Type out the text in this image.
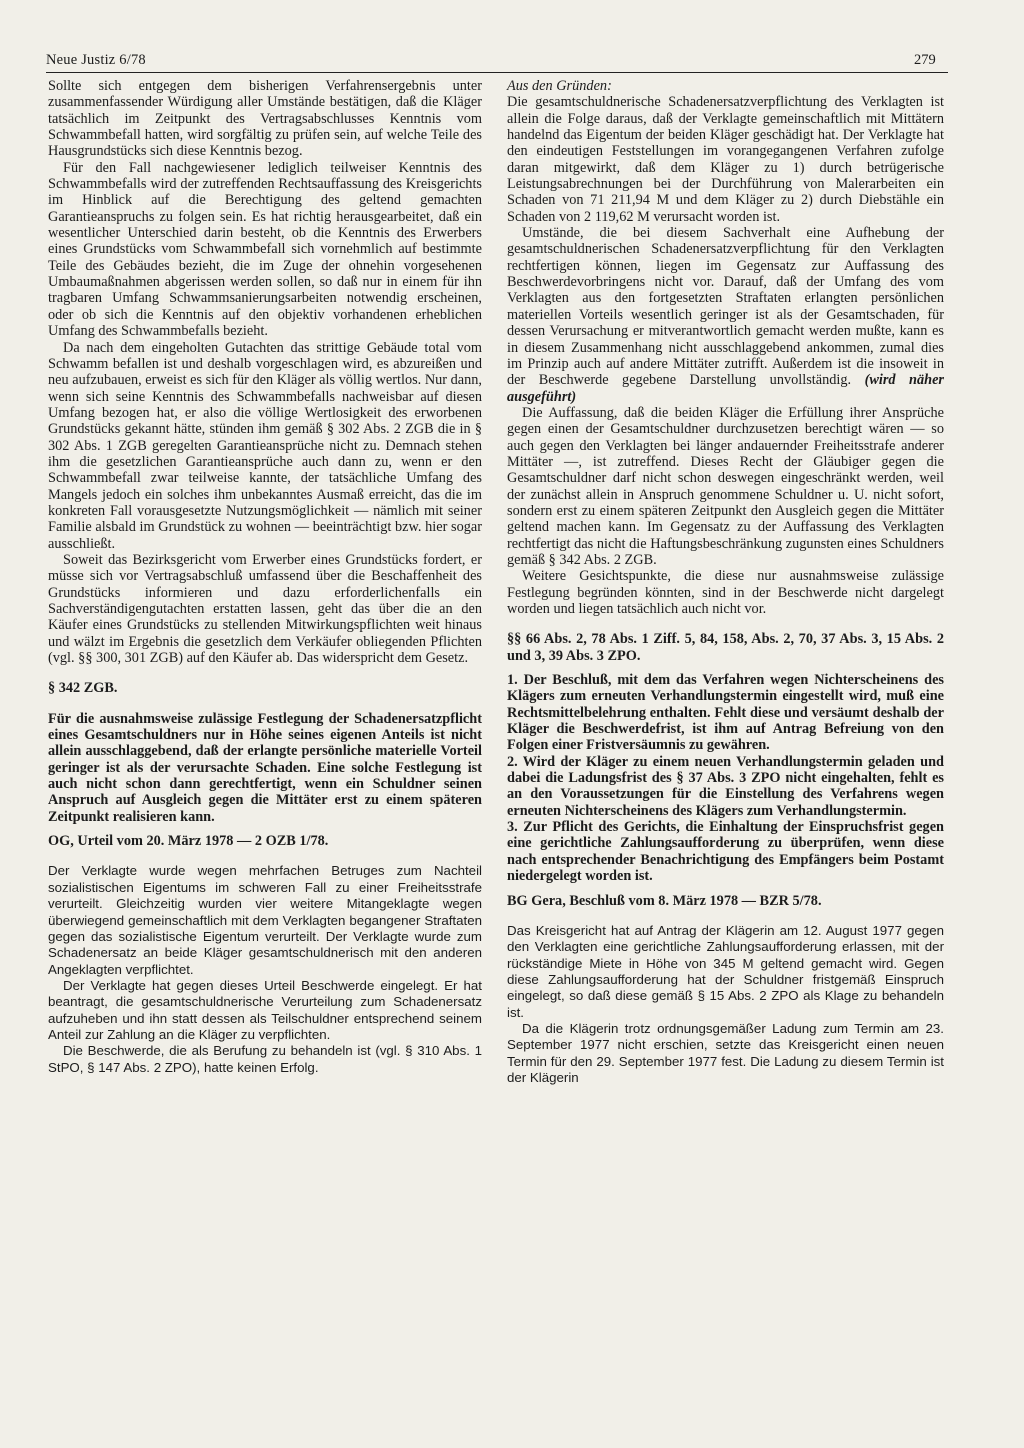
Neue Justiz 6/78	279

Sollte sich entgegen dem bisherigen Verfahrensergebnis unter zusammenfassender Würdigung aller Umstände bestätigen, daß die Kläger tatsächlich im Zeitpunkt des Vertragsabschlusses Kenntnis vom Schwammbefall hatten, wird sorgfältig zu prüfen sein, auf welche Teile des Hausgrundstücks sich diese Kenntnis bezog.

Für den Fall nachgewiesener lediglich teilweiser Kenntnis des Schwammbefalls wird der zutreffenden Rechtsauffassung des Kreisgerichts im Hinblick auf die Berechtigung des geltend gemachten Garantieanspruchs zu folgen sein. Es hat richtig herausgearbeitet, daß ein wesentlicher Unterschied darin besteht, ob die Kenntnis des Erwerbers eines Grundstücks vom Schwammbefall sich vornehmlich auf bestimmte Teile des Gebäudes bezieht, die im Zuge der ohnehin vorgesehenen Umbaumaßnahmen abgerissen werden sollen, so daß nur in einem für ihn tragbaren Umfang Schwammsanierungsarbeiten notwendig erscheinen, oder ob sich die Kenntnis auf den objektiv vorhandenen erheblichen Umfang des Schwammbefalls bezieht.

Da nach dem eingeholten Gutachten das strittige Gebäude total vom Schwamm befallen ist und deshalb vorgeschlagen wird, es abzureißen und neu aufzubauen, erweist es sich für den Kläger als völlig wertlos. Nur dann, wenn sich seine Kenntnis des Schwammbefalls nachweisbar auf diesen Umfang bezogen hat, er also die völlige Wertlosigkeit des erworbenen Grundstücks gekannt hätte, stünden ihm gemäß § 302 Abs. 2 ZGB die in § 302 Abs. 1 ZGB geregelten Garantieansprüche nicht zu. Demnach stehen ihm die gesetzlichen Garantieansprüche auch dann zu, wenn er den Schwammbefall zwar teilweise kannte, der tatsächliche Umfang des Mangels jedoch ein solches ihm unbekanntes Ausmaß erreicht, das die im konkreten Fall vorausgesetzte Nutzungsmöglichkeit — nämlich mit seiner Familie alsbald im Grundstück zu wohnen — beeinträchtigt bzw. hier sogar ausschließt.

Soweit das Bezirksgericht vom Erwerber eines Grundstücks fordert, er müsse sich vor Vertragsabschluß umfassend über die Beschaffenheit des Grundstücks informieren und dazu erforderlichenfalls ein Sachverständigengutachten erstatten lassen, geht das über die an den Käufer eines Grundstücks zu stellenden Mitwirkungspflichten weit hinaus und wälzt im Ergebnis die gesetzlich dem Verkäufer obliegenden Pflichten (vgl. §§ 300, 301 ZGB) auf den Käufer ab. Das widerspricht dem Gesetz.

§ 342 ZGB.

Für die ausnahmsweise zulässige Festlegung der Schadenersatzpflicht eines Gesamtschuldners nur in Höhe seines eigenen Anteils ist nicht allein ausschlaggebend, daß der erlangte persönliche materielle Vorteil geringer ist als der verursachte Schaden. Eine solche Festlegung ist auch nicht schon dann gerechtfertigt, wenn ein Schuldner seinen Anspruch auf Ausgleich gegen die Mittäter erst zu einem späteren Zeitpunkt realisieren kann.

OG, Urteil vom 20. März 1978 — 2 OZB 1/78.

Der Verklagte wurde wegen mehrfachen Betruges zum Nachteil sozialistischen Eigentums im schweren Fall zu einer Freiheitsstrafe verurteilt. Gleichzeitig wurden vier weitere Mitangeklagte wegen überwiegend gemeinschaftlich mit dem Verklagten begangener Straftaten gegen das sozialistische Eigentum verurteilt. Der Verklagte wurde zum Schadenersatz an beide Kläger gesamtschuldnerisch mit den anderen Angeklagten verpflichtet.

Der Verklagte hat gegen dieses Urteil Beschwerde eingelegt. Er hat beantragt, die gesamtschuldnerische Verurteilung zum Schadenersatz aufzuheben und ihn statt dessen als Teilschuldner entsprechend seinem Anteil zur Zahlung an die Kläger zu verpflichten.

Die Beschwerde, die als Berufung zu behandeln ist (vgl. § 310 Abs. 1 StPO, § 147 Abs. 2 ZPO), hatte keinen Erfolg.

Aus den Gründen:

Die gesamtschuldnerische Schadenersatzverpflichtung des Verklagten ist allein die Folge daraus, daß der Verklagte gemeinschaftlich mit Mittätern handelnd das Eigentum der beiden Kläger geschädigt hat. Der Verklagte hat den eindeutigen Feststellungen im vorangegangenen Verfahren zufolge daran mitgewirkt, daß dem Kläger zu 1) durch betrügerische Leistungsabrechnungen bei der Durchführung von Malerarbeiten ein Schaden von 71 211,94 M und dem Kläger zu 2) durch Diebstähle ein Schaden von 2 119,62 M verursacht worden ist.

Umstände, die bei diesem Sachverhalt eine Aufhebung der gesamtschuldnerischen Schadenersatzverpflichtung für den Verklagten rechtfertigen können, liegen im Gegensatz zur Auffassung des Beschwerdevorbringens nicht vor. Darauf, daß der Umfang des vom Verklagten aus den fortgesetzten Straftaten erlangten persönlichen materiellen Vorteils wesentlich geringer ist als der Gesamtschaden, für dessen Verursachung er mitverantwortlich gemacht werden mußte, kann es in diesem Zusammenhang nicht ausschlaggebend ankommen, zumal dies im Prinzip auch auf andere Mittäter zutrifft. Außerdem ist die insoweit in der Beschwerde gegebene Darstellung unvollständig. (wird näher ausgeführt)

Die Auffassung, daß die beiden Kläger die Erfüllung ihrer Ansprüche gegen einen der Gesamtschuldner durchzusetzen berechtigt wären — so auch gegen den Verklagten bei länger andauernder Freiheitsstrafe anderer Mittäter —, ist zutreffend. Dieses Recht der Gläubiger gegen die Gesamtschuldner darf nicht schon deswegen eingeschränkt werden, weil der zunächst allein in Anspruch genommene Schuldner u. U. nicht sofort, sondern erst zu einem späteren Zeitpunkt den Ausgleich gegen die Mittäter geltend machen kann. Im Gegensatz zu der Auffassung des Verklagten rechtfertigt das nicht die Haftungsbeschränkung zugunsten eines Schuldners gemäß § 342 Abs. 2 ZGB.

Weitere Gesichtspunkte, die diese nur ausnahmsweise zulässige Festlegung begründen könnten, sind in der Beschwerde nicht dargelegt worden und liegen tatsächlich auch nicht vor.

§§ 66 Abs. 2, 78 Abs. 1 Ziff. 5, 84, 158, Abs. 2, 70, 37 Abs. 3, 15 Abs. 2 und 3, 39 Abs. 3 ZPO.

1. Der Beschluß, mit dem das Verfahren wegen Nichterscheinens des Klägers zum erneuten Verhandlungstermin eingestellt wird, muß eine Rechtsmittelbelehrung enthalten. Fehlt diese und versäumt deshalb der Kläger die Beschwerdefrist, ist ihm auf Antrag Befreiung von den Folgen einer Fristversäumnis zu gewähren.

2. Wird der Kläger zu einem neuen Verhandlungstermin geladen und dabei die Ladungsfrist des § 37 Abs. 3 ZPO nicht eingehalten, fehlt es an den Voraussetzungen für die Einstellung des Verfahrens wegen erneuten Nichterscheinens des Klägers zum Verhandlungstermin.

3. Zur Pflicht des Gerichts, die Einhaltung der Einspruchsfrist gegen eine gerichtliche Zahlungsaufforderung zu überprüfen, wenn diese nach entsprechender Benachrichtigung des Empfängers beim Postamt niedergelegt worden ist.

BG Gera, Beschluß vom 8. März 1978 — BZR 5/78.

Das Kreisgericht hat auf Antrag der Klägerin am 12. August 1977 gegen den Verklagten eine gerichtliche Zahlungsaufforderung erlassen, mit der rückständige Miete in Höhe von 345 M geltend gemacht wird. Gegen diese Zahlungsaufforderung hat der Schuldner fristgemäß Einspruch eingelegt, so daß diese gemäß § 15 Abs. 2 ZPO als Klage zu behandeln ist.

Da die Klägerin trotz ordnungsgemäßer Ladung zum Termin am 23. September 1977 nicht erschien, setzte das Kreisgericht einen neuen Termin für den 29. September 1977 fest. Die Ladung zu diesem Termin ist der Klägerin
